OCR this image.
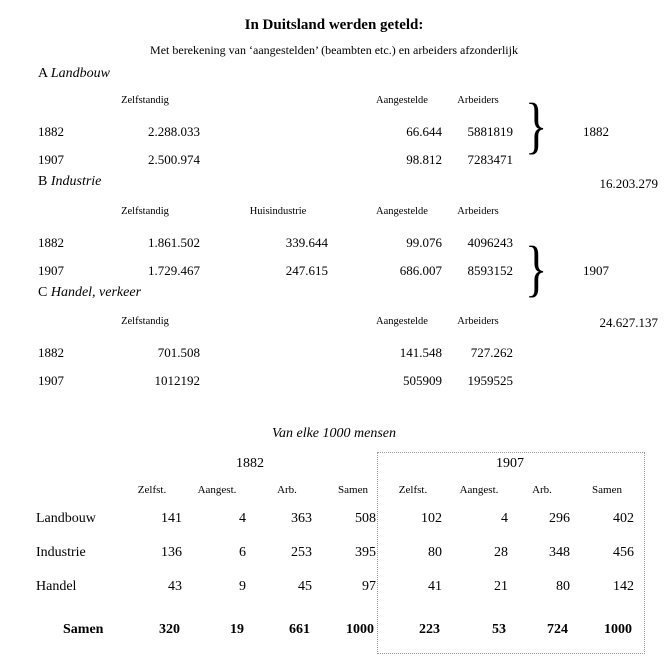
In Duitsland werden geteld:
Met berekening van ‘aangestelden’ (beambten etc.) en arbeiders afzonderlijk
A Landbouw
Zelfstandig	Aangestelde	Arbeiders
1882	2.288.033	66.644	5881819
1907	2.500.974	98.812	7283471
B Industrie
Zelfstandig	Huisindustrie	Aangestelde	Arbeiders
1882	1.861.502	339.644	99.076	4096243
1907	1.729.467	247.615	686.007	8593152
C Handel, verkeer
Zelfstandig	Aangestelde	Arbeiders
1882	701.508	141.548	727.262
1907	1012192	505909	1959525
}
}
1882
1907
16.203.279
24.627.137
Van elke 1000 mensen
1882	1907
Zelfst.	Aangest.	Arb.	Samen	Zelfst.	Aangest.	Arb.	Samen
Landbouw	141	4	363	508	102	4	296	402
Industrie	136	6	253	395	80	28	348	456
Handel	43	9	45	97	41	21	80	142
Samen	320	19	661	1000	223	53	724	1000
